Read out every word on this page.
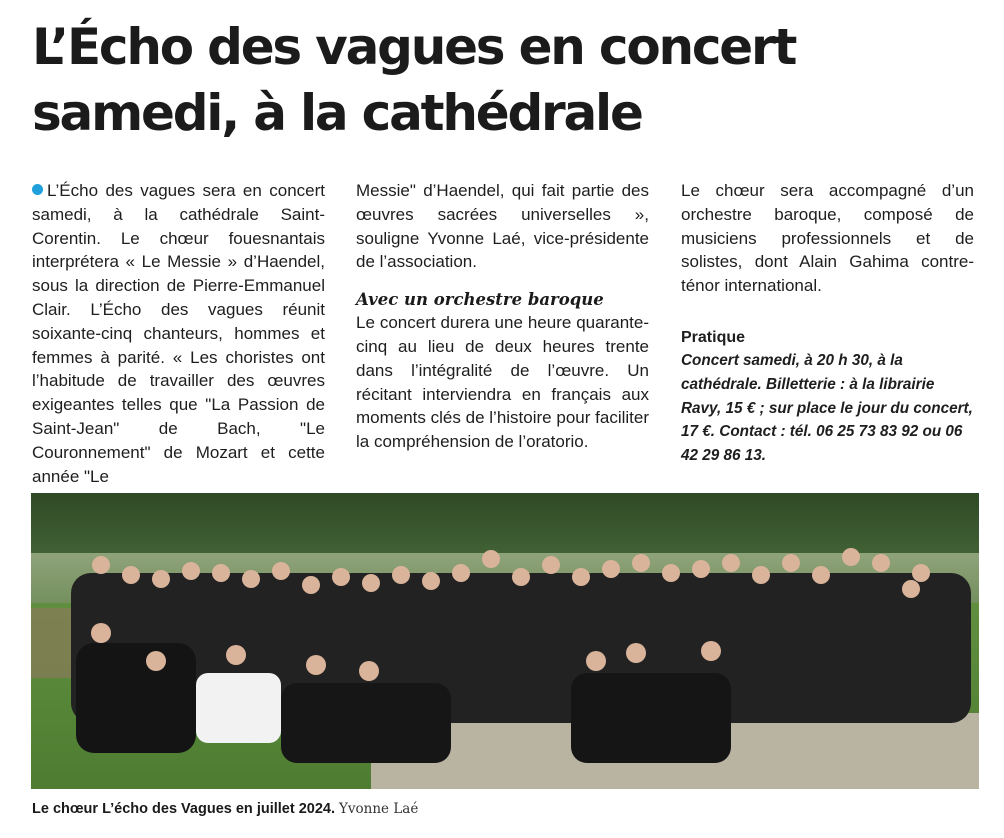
L’Écho des vagues en concert
samedi, à la cathédrale

L’Écho des vagues sera en concert samedi, à la cathédrale Saint-Corentin. Le chœur fouesnantais interprétera « Le Messie » d’Haendel, sous la direction de Pierre-Emmanuel Clair. L’Écho des vagues réunit soixante-cinq chanteurs, hommes et femmes à parité. « Les choristes ont l’habitude de travailler des œuvres exigeantes telles que "La Passion de Saint-Jean" de Bach, "Le Couronnement" de Mozart et cette année "Le

Messie" d’Haendel, qui fait partie des œuvres sacrées universelles », souligne Yvonne Laé, vice-présidente de l’association.

Avec un orchestre baroque

Le concert durera une heure quarante-cinq au lieu de deux heures trente dans l’intégralité de l’œuvre. Un récitant interviendra en français aux moments clés de l’histoire pour faciliter la compréhension de l’oratorio.

Le chœur sera accompagné d’un orchestre baroque, composé de musiciens professionnels et de solistes, dont Alain Gahima contre-ténor international.

Pratique

Concert samedi, à 20 h 30, à la cathédrale. Billetterie : à la librairie Ravy, 15 € ; sur place le jour du concert, 17 €. Contact : tél. 06 25 73 83 92 ou 06 42 29 86 13.

Le chœur L’écho des Vagues en juillet 2024. Yvonne Laé
